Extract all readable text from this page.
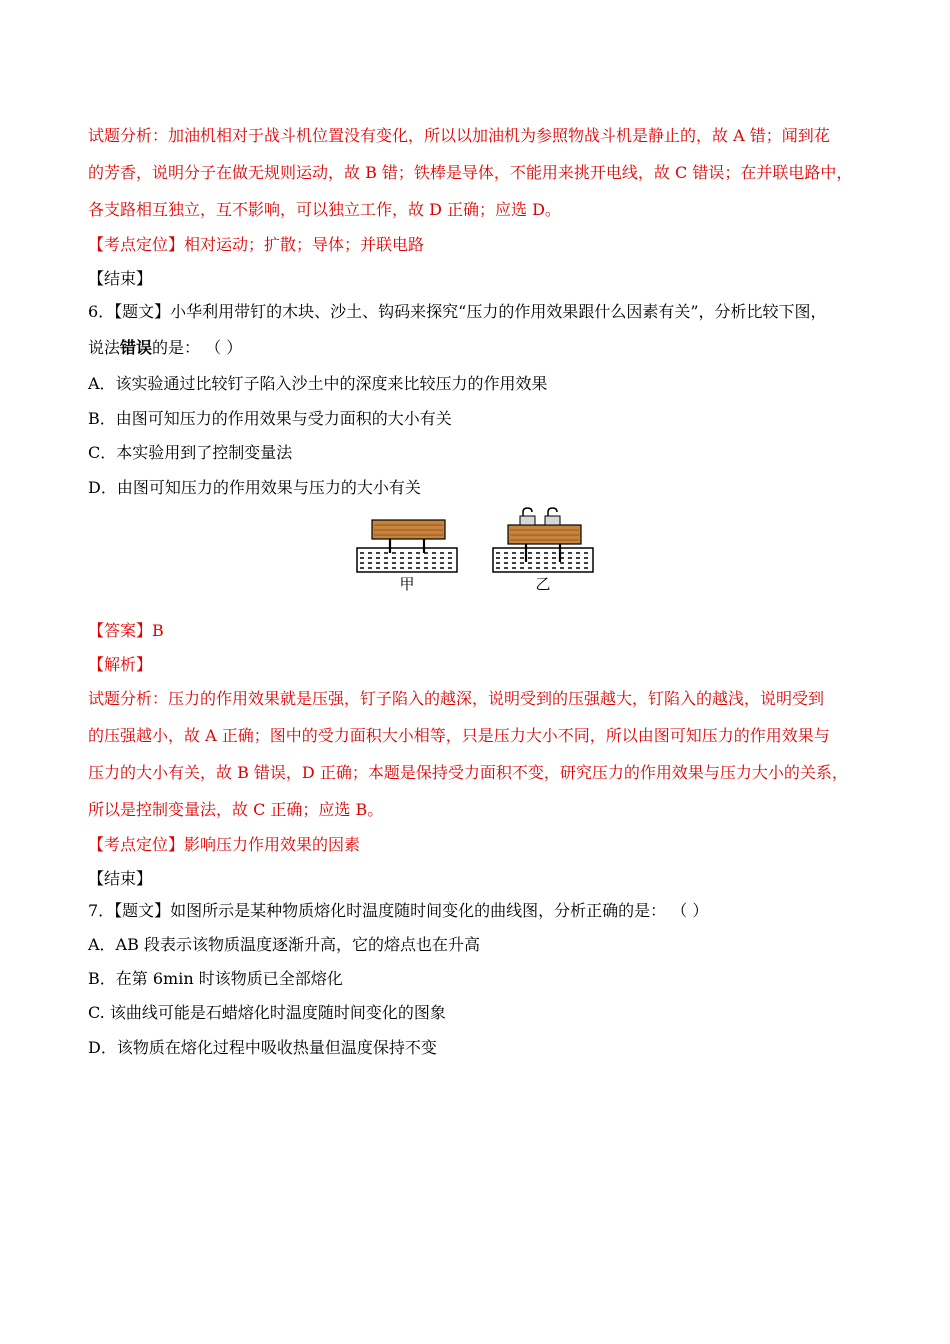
试题分析：加油机相对于战斗机位置没有变化，所以以加油机为参照物战斗机是静止的，故 A 错；闻到花
的芳香，说明分子在做无规则运动，故 B 错；铁棒是导体，不能用来挑开电线，故 C 错误；在并联电路中，
各支路相互独立，互不影响，可以独立工作，故 D 正确；应选 D。
【考点定位】相对运动；扩散；导体；并联电路
【结束】
6．【题文】小华利用带钉的木块、沙土、钩码来探究“压力的作用效果跟什么因素有关”，分析比较下图，
说法错误的是： （ ）
A．该实验通过比较钉子陷入沙土中的深度来比较压力的作用效果
B．由图可知压力的作用效果与受力面积的大小有关
C．本实验用到了控制变量法
D．由图可知压力的作用效果与压力的大小有关
甲	乙
【答案】B
【解析】
试题分析：压力的作用效果就是压强，钉子陷入的越深，说明受到的压强越大，钉陷入的越浅，说明受到
的压强越小，故 A 正确；图中的受力面积大小相等，只是压力大小不同，所以由图可知压力的作用效果与
压力的大小有关，故 B 错误，D 正确；本题是保持受力面积不变，研究压力的作用效果与压力大小的关系，
所以是控制变量法，故 C 正确；应选 B。
【考点定位】影响压力作用效果的因素
【结束】
7．【题文】如图所示是某种物质熔化时温度随时间变化的曲线图，分析正确的是： （ ）
A．AB 段表示该物质温度逐渐升高，它的熔点也在升高
B．在第 6min 时该物质已全部熔化
C. 该曲线可能是石蜡熔化时温度随时间变化的图象
D．该物质在熔化过程中吸收热量但温度保持不变
